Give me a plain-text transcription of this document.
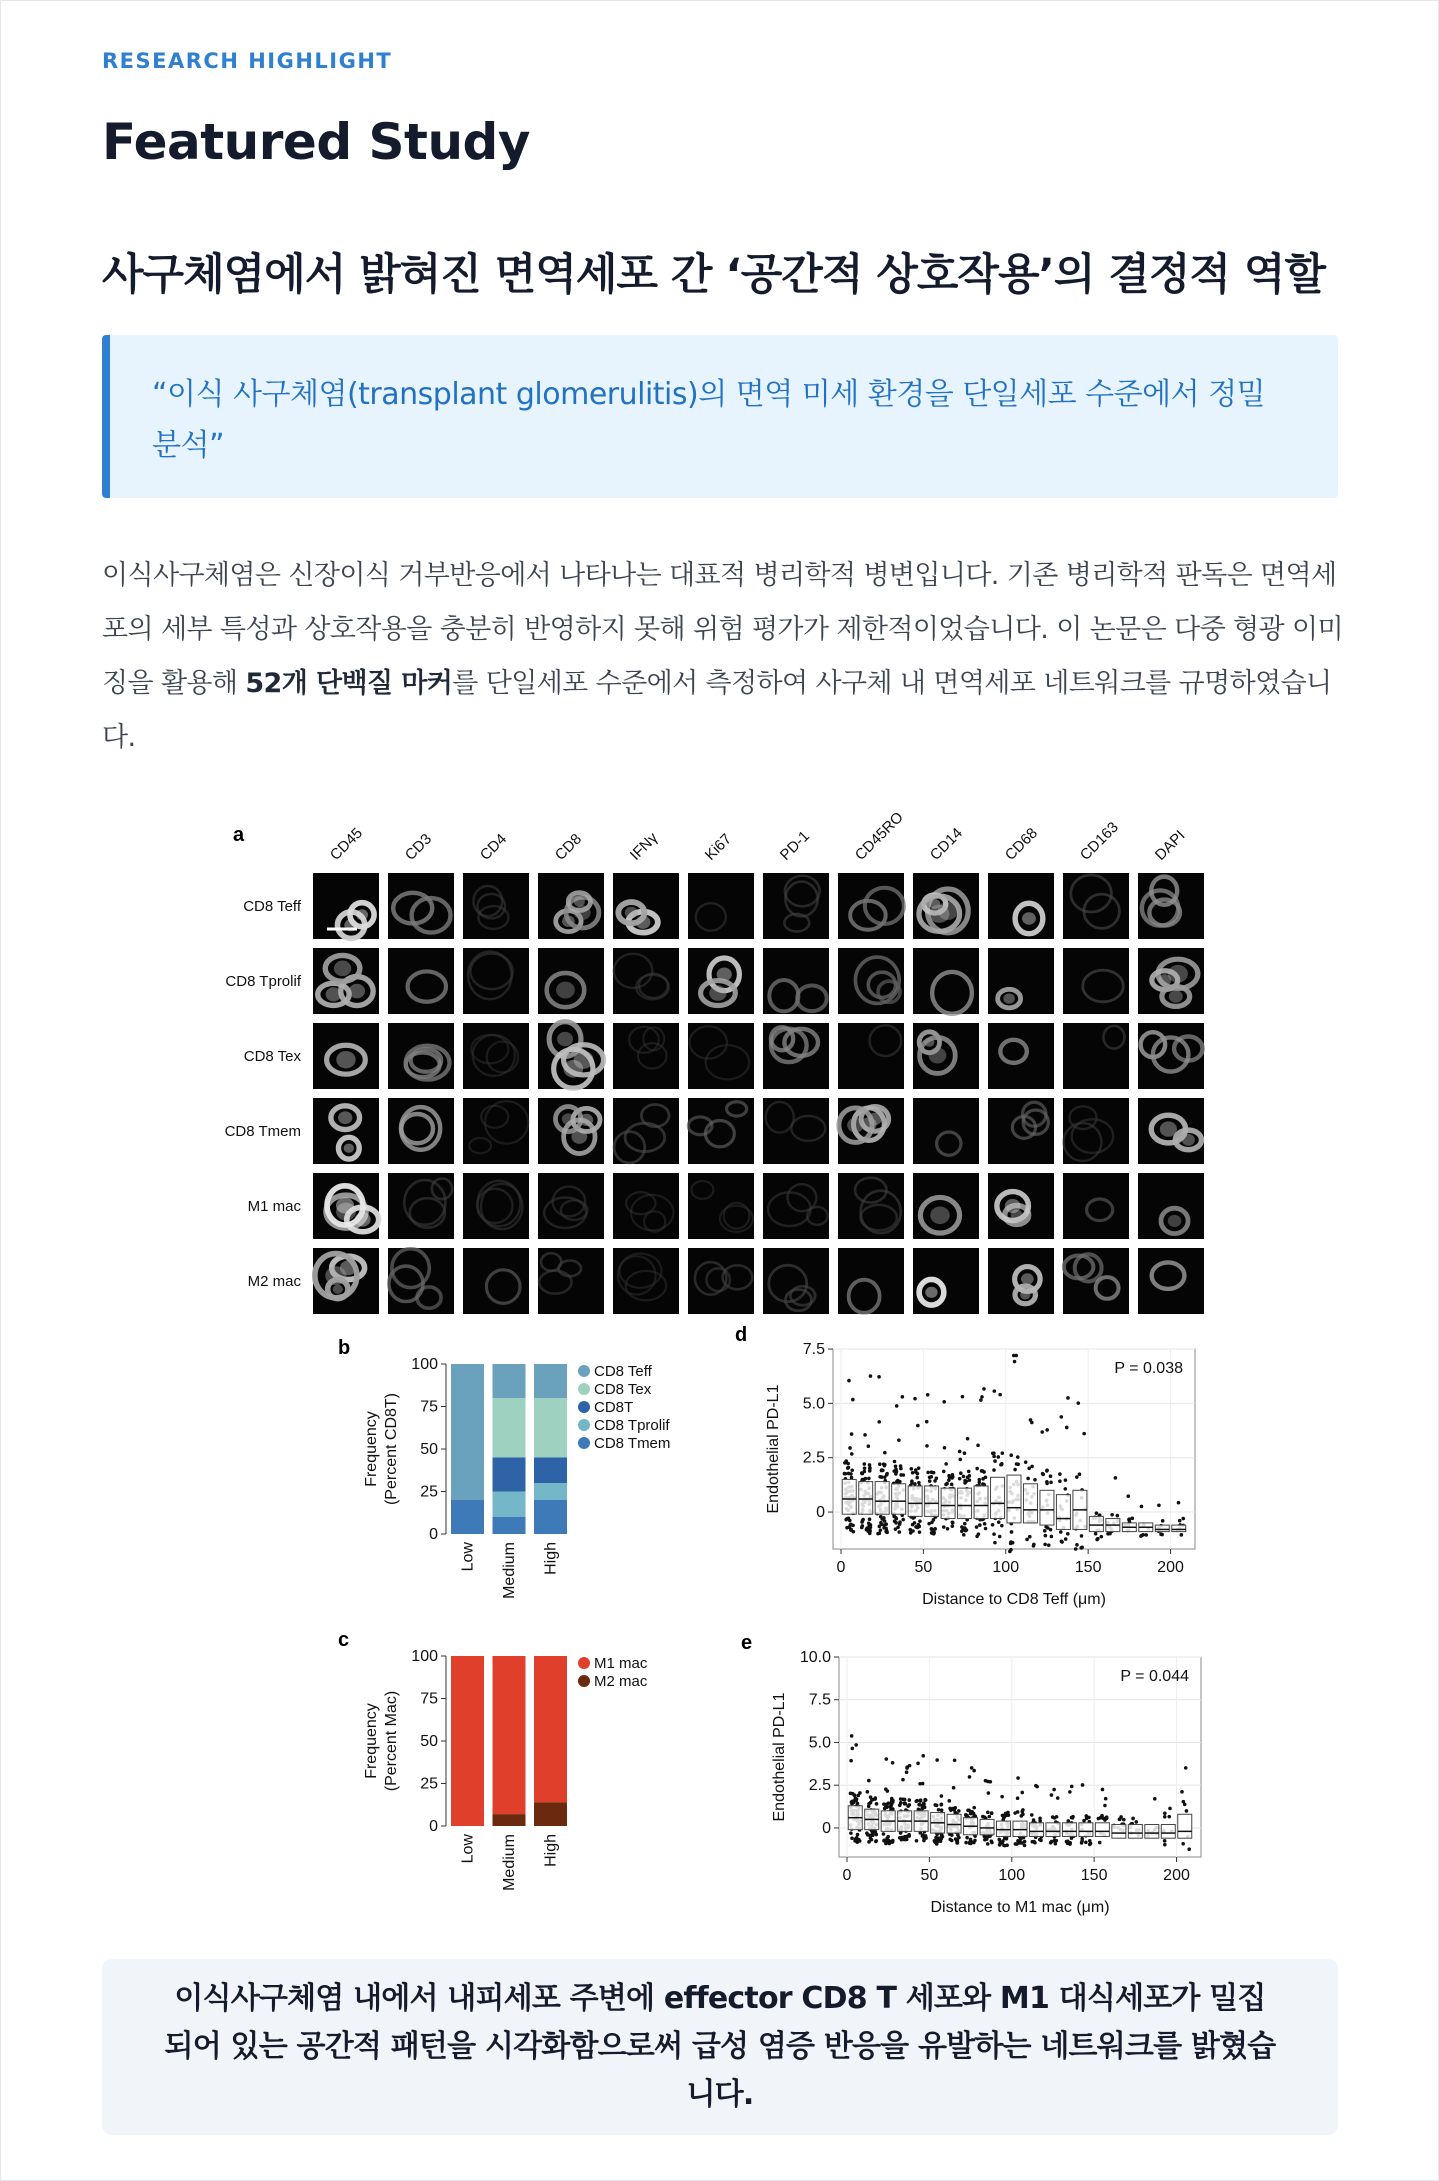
RESEARCH HIGHLIGHT
Featured Study
사구체염에서 밝혀진 면역세포 간 ‘공간적 상호작용’의 결정적 역할

“이식 사구체염(transplant glomerulitis)의 면역 미세 환경을 단일세포 수준에서 정밀 분석”

이식사구체염은 신장이식 거부반응에서 나타나는 대표적 병리학적 병변입니다. 기존 병리학적 판독은 면역세포의 세부 특성과 상호작용을 충분히 반영하지 못해 위험 평가가 제한적이었습니다. 이 논문은 다중 형광 이미징을 활용해 52개 단백질 마커를 단일세포 수준에서 측정하여 사구체 내 면역세포 네트워크를 규명하였습니다.

a	CD45 CD3	CD4	CD8	IFNγ	Ki67	PD-1	CD45RO CD14 CD68 CD163 DAPI
CD8 Teff
CD8 Tprolif
CD8 Tex
CD8 Tmem
M1 mac
M2 mac
b
0
25
50
75
100
Frequency (Percent CD8T)
Low Medium High
CD8 Teff
CD8 Tex
CD8T
CD8 Tprolif
CD8 Tmem
c
0
25
50
75
100
Frequency (Percent Mac)
Low Medium High
M1 mac
M2 mac
d
0
2.5
5.0
7.5
0	50	100	150	200
P = 0.038
Distance to CD8 Teff (μm)
Endothelial PD-L1
e
0
2.5
5.0
7.5
10.0
0	50	100	150	200
P = 0.044
Distance to M1 mac (μm)
Endothelial PD-L1

이식사구체염 내에서 내피세포 주변에 effector CD8 T 세포와 M1 대식세포가 밀집되어 있는 공간적 패턴을 시각화함으로써 급성 염증 반응을 유발하는 네트워크를 밝혔습니다.
